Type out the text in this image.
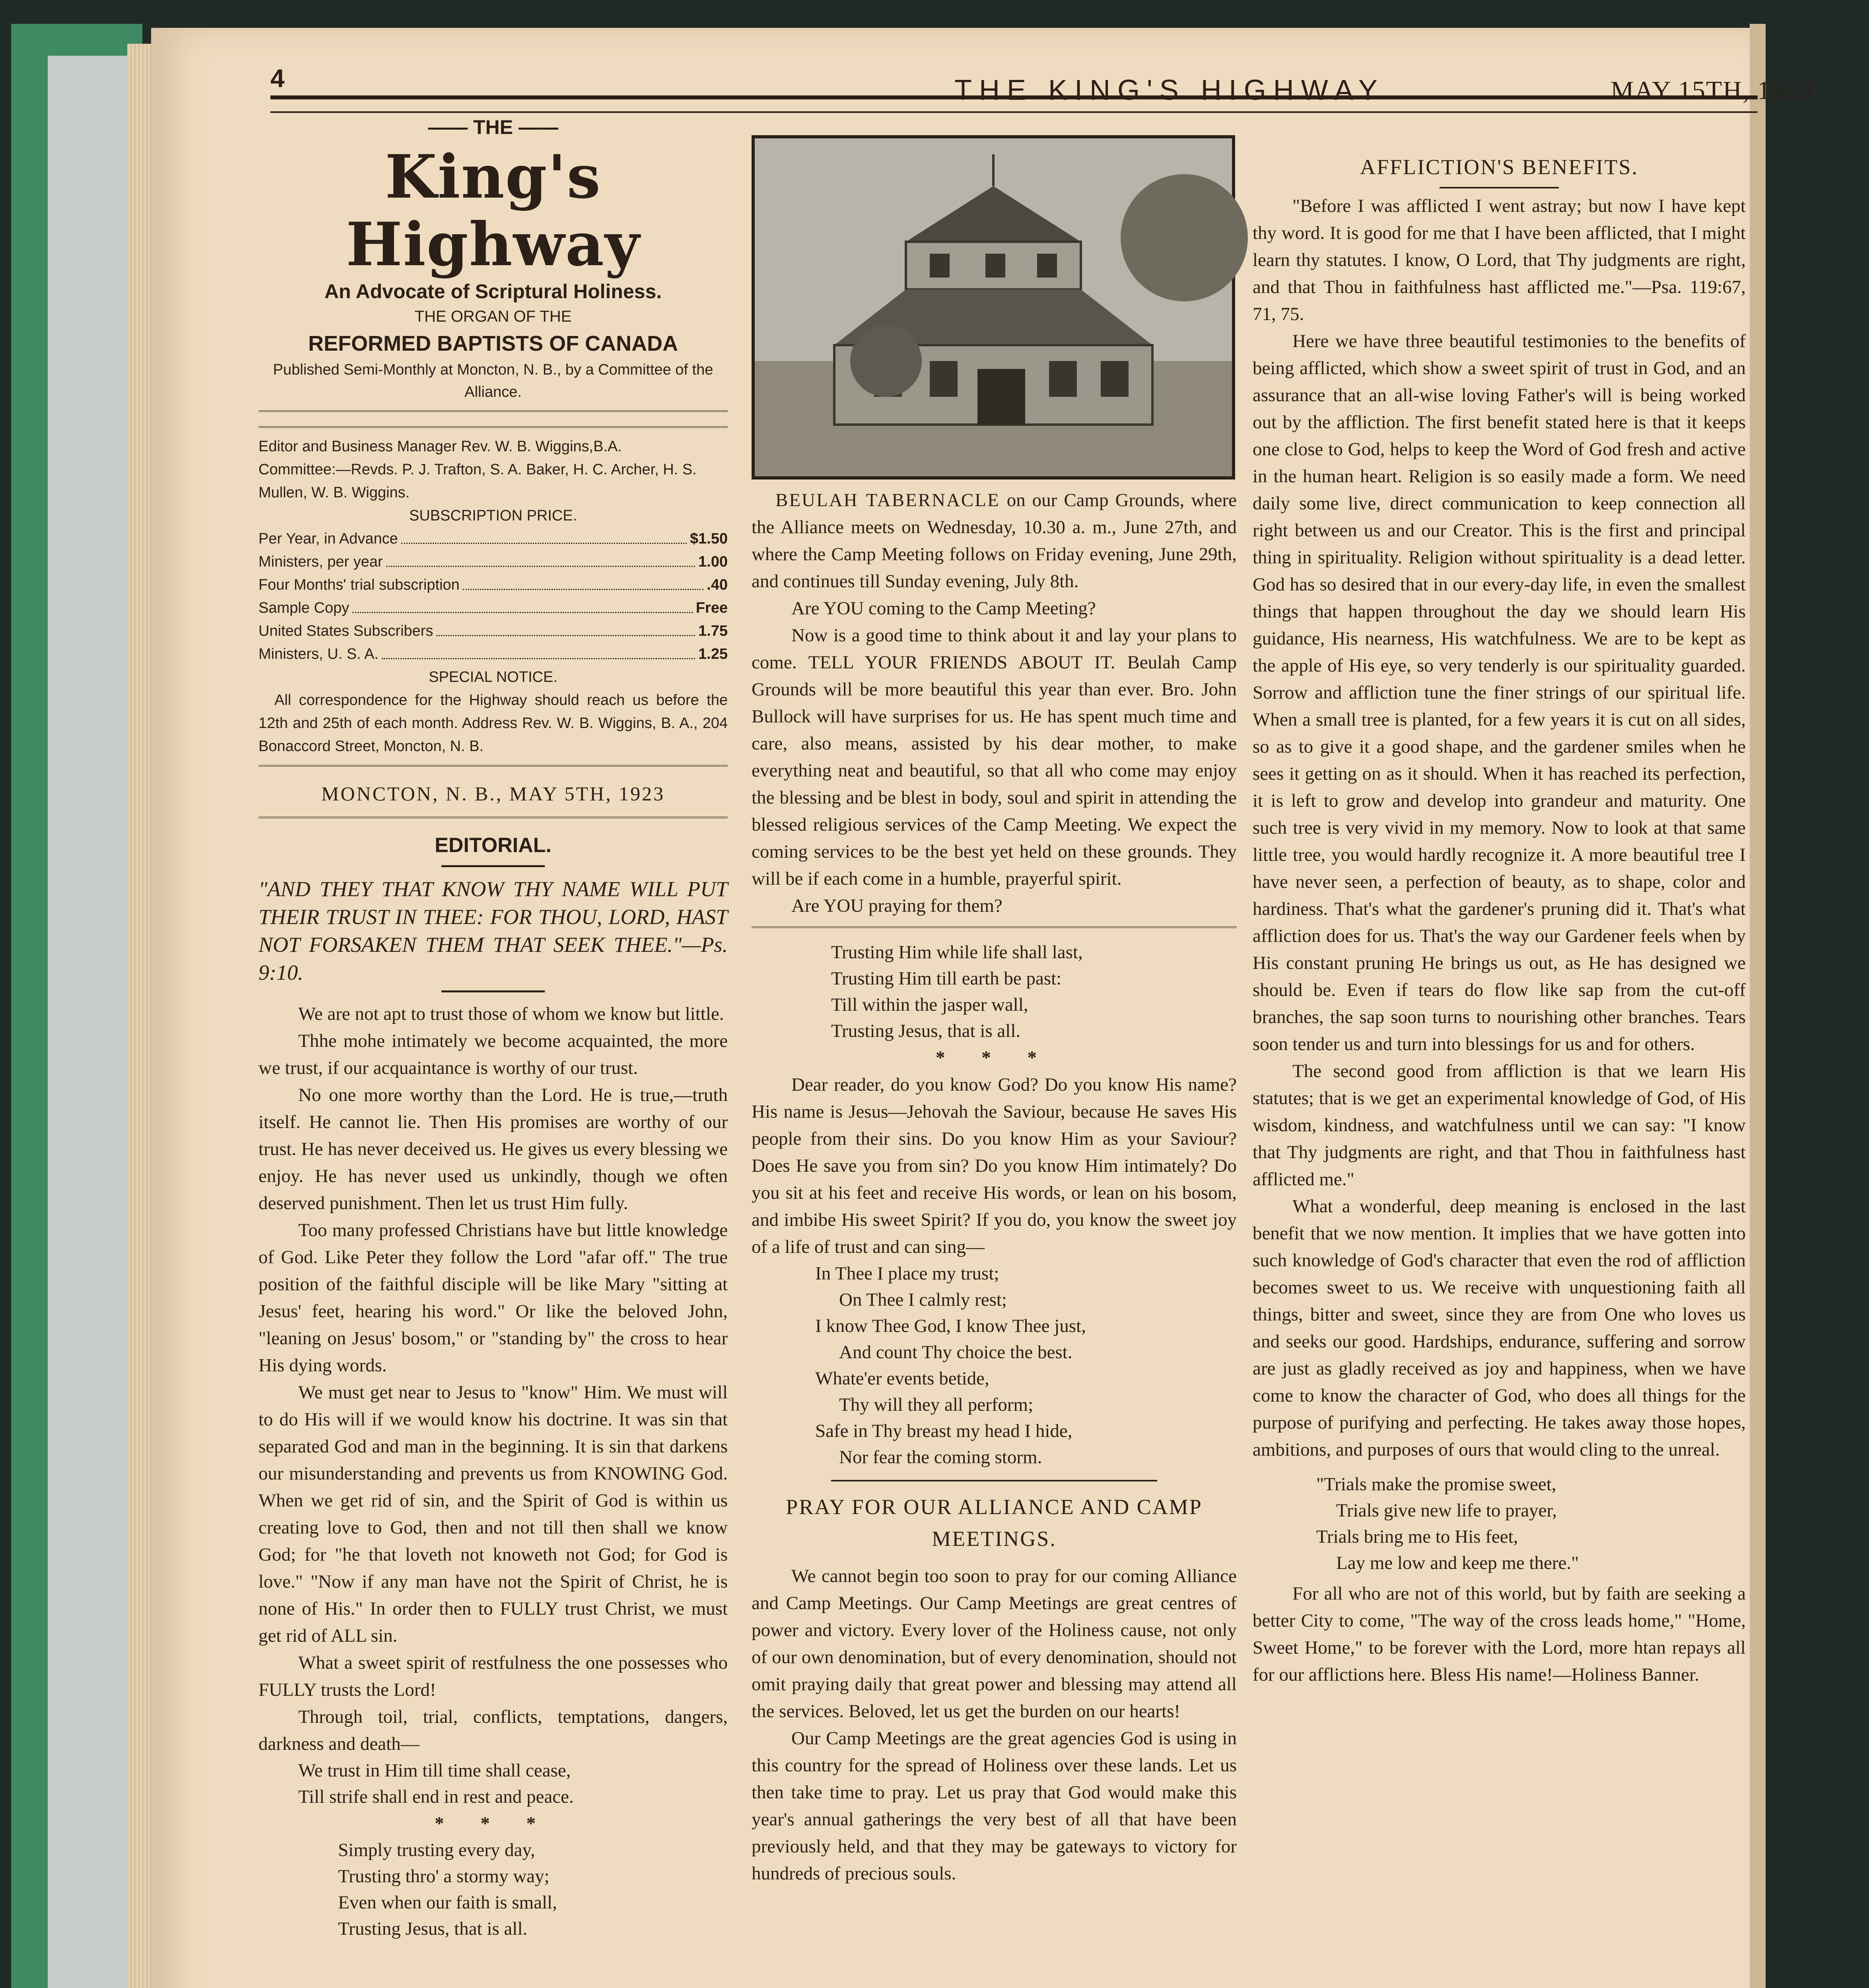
4	THE KING'S HIGHWAY	MAY 15TH, 1923
—— THE ——
King's Highway
An Advocate of Scriptural Holiness.
THE ORGAN OF THE
REFORMED BAPTISTS OF CANADA
Published Semi-Monthly at Moncton, N. B., by a Committee of the Alliance.
Editor and Business Manager Rev. W. B. Wiggins,B.A.
Committee:—Revds. P. J. Trafton, S. A. Baker, H. C. Archer, H. S. Mullen, W. B. Wiggins.
SUBSCRIPTION PRICE.
Per Year, in Advance	$1.50
Ministers, per year	1.00
Four Months' trial subscription	.40
Sample Copy	Free
United States Subscribers	1.75
Ministers, U. S. A.	1.25
SPECIAL NOTICE.
All correspondence for the Highway should reach us before the 12th and 25th of each month. Address Rev. W. B. Wiggins, B. A., 204 Bonaccord Street, Moncton, N. B.
MONCTON, N. B., MAY 5TH, 1923
EDITORIAL.
"AND THEY THAT KNOW THY NAME WILL PUT THEIR TRUST IN THEE: FOR THOU, LORD, HAST NOT FORSAKEN THEM THAT SEEK THEE."—Ps. 9:10.

We are not apt to trust those of whom we know but little.

Thhe mohe intimately we become acquainted, the more we trust, if our acquaintance is worthy of our trust.

No one more worthy than the Lord. He is true,—truth itself. He cannot lie. Then His promises are worthy of our trust. He has never deceived us. He gives us every blessing we enjoy. He has never used us unkindly, though we often deserved punishment. Then let us trust Him fully.

Too many professed Christians have but little knowledge of God. Like Peter they follow the Lord "afar off." The true position of the faithful disciple will be like Mary "sitting at Jesus' feet, hearing his word." Or like the beloved John, "leaning on Jesus' bosom," or "standing by" the cross to hear His dying words.

We must get near to Jesus to "know" Him. We must will to do His will if we would know his doctrine. It was sin that separated God and man in the beginning. It is sin that darkens our misunderstanding and prevents us from KNOWING God. When we get rid of sin, and the Spirit of God is within us creating love to God, then and not till then shall we know God; for "he that loveth not knoweth not God; for God is love." "Now if any man have not the Spirit of Christ, he is none of His." In order then to FULLY trust Christ, we must get rid of ALL sin.

What a sweet spirit of restfulness the one possesses who FULLY trusts the Lord!

Through toil, trial, conflicts, temptations, dangers, darkness and death—

We trust in Him till time shall cease,
Till strife shall end in rest and peace.
* * *
Simply trusting every day,
Trusting thro' a stormy way;
Even when our faith is small,
Trusting Jesus, that is all.

BEULAH TABERNACLE on our Camp Grounds, where the Alliance meets on Wednesday, 10.30 a. m., June 27th, and where the Camp Meeting follows on Friday evening, June 29th, and continues till Sunday evening, July 8th.

Are YOU coming to the Camp Meeting?

Now is a good time to think about it and lay your plans to come. TELL YOUR FRIENDS ABOUT IT. Beulah Camp Grounds will be more beautiful this year than ever. Bro. John Bullock will have surprises for us. He has spent much time and care, also means, assisted by his dear mother, to make everything neat and beautiful, so that all who come may enjoy the blessing and be blest in body, soul and spirit in attending the blessed religious services of the Camp Meeting. We expect the coming services to be the best yet held on these grounds. They will be if each come in a humble, prayerful spirit.

Are YOU praying for them?

Trusting Him while life shall last,
Trusting Him till earth be past:
Till within the jasper wall,
Trusting Jesus, that is all.
* * *

Dear reader, do you know God? Do you know His name? His name is Jesus—Jehovah the Saviour, because He saves His people from their sins. Do you know Him as your Saviour? Does He save you from sin? Do you know Him intimately? Do you sit at his feet and receive His words, or lean on his bosom, and imbibe His sweet Spirit? If you do, you know the sweet joy of a life of trust and can sing—

In Thee I place my trust;
On Thee I calmly rest;
I know Thee God, I know Thee just,
And count Thy choice the best.
Whate'er events betide,
Thy will they all perform;
Safe in Thy breast my head I hide,
Nor fear the coming storm.
PRAY FOR OUR ALLIANCE AND CAMP MEETINGS.

We cannot begin too soon to pray for our coming Alliance and Camp Meetings. Our Camp Meetings are great centres of power and victory. Every lover of the Holiness cause, not only of our own denomination, but of every denomination, should not omit praying daily that great power and blessing may attend all the services. Beloved, let us get the burden on our hearts!

Our Camp Meetings are the great agencies God is using in this country for the spread of Holiness over these lands. Let us then take time to pray. Let us pray that God would make this year's annual gatherings the very best of all that have been previously held, and that they may be gateways to victory for hundreds of precious souls.

AFFLICTION'S BENEFITS.

"Before I was afflicted I went astray; but now I have kept thy word. It is good for me that I have been afflicted, that I might learn thy statutes. I know, O Lord, that Thy judgments are right, and that Thou in faithfulness hast afflicted me."—Psa. 119:67, 71, 75.

Here we have three beautiful testimonies to the benefits of being afflicted, which show a sweet spirit of trust in God, and an assurance that an all-wise loving Father's will is being worked out by the affliction. The first benefit stated here is that it keeps one close to God, helps to keep the Word of God fresh and active in the human heart. Religion is so easily made a form. We need daily some live, direct communication to keep connection all right between us and our Creator. This is the first and principal thing in spirituality. Religion without spirituality is a dead letter. God has so desired that in our every-day life, in even the smallest things that happen throughout the day we should learn His guidance, His nearness, His watchfulness. We are to be kept as the apple of His eye, so very tenderly is our spirituality guarded. Sorrow and affliction tune the finer strings of our spiritual life. When a small tree is planted, for a few years it is cut on all sides, so as to give it a good shape, and the gardener smiles when he sees it getting on as it should. When it has reached its perfection, it is left to grow and develop into grandeur and maturity. One such tree is very vivid in my memory. Now to look at that same little tree, you would hardly recognize it. A more beautiful tree I have never seen, a perfection of beauty, as to shape, color and hardiness. That's what the gardener's pruning did it. That's what affliction does for us. That's the way our Gardener feels when by His constant pruning He brings us out, as He has designed we should be. Even if tears do flow like sap from the cut-off branches, the sap soon turns to nourishing other branches. Tears soon tender us and turn into blessings for us and for others.

The second good from affliction is that we learn His statutes; that is we get an experimental knowledge of God, of His wisdom, kindness, and watchfulness until we can say: "I know that Thy judgments are right, and that Thou in faithfulness hast afflicted me."

What a wonderful, deep meaning is enclosed in the last benefit that we now mention. It implies that we have gotten into such knowledge of God's character that even the rod of affliction becomes sweet to us. We receive with unquestioning faith all things, bitter and sweet, since they are from One who loves us and seeks our good. Hardships, endurance, suffering and sorrow are just as gladly received as joy and happiness, when we have come to know the character of God, who does all things for the purpose of purifying and perfecting. He takes away those hopes, ambitions, and purposes of ours that would cling to the unreal.

"Trials make the promise sweet,
Trials give new life to prayer,
Trials bring me to His feet,
Lay me low and keep me there."

For all who are not of this world, but by faith are seeking a better City to come, "The way of the cross leads home," "Home, Sweet Home," to be forever with the Lord, more htan repays all for our afflictions here. Bless His name!—Holiness Banner.
